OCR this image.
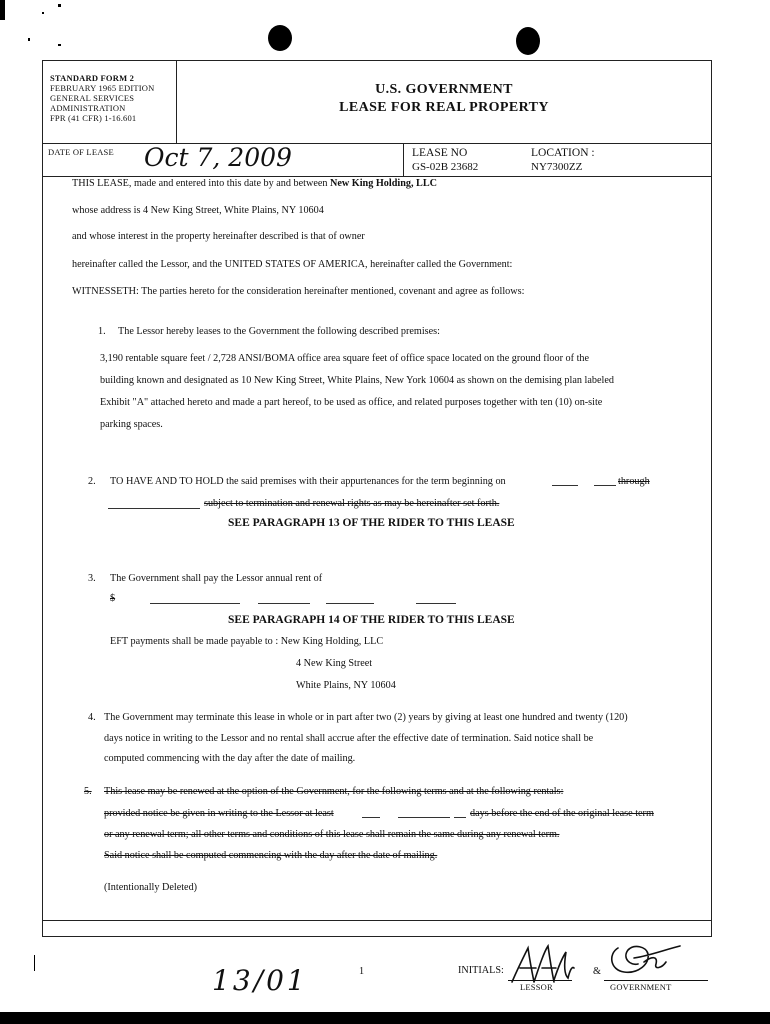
STANDARD FORM 2
FEBRUARY 1965 EDITION
GENERAL SERVICES
ADMINISTRATION
FPR (41 CFR) 1-16.601
U.S. GOVERNMENT
LEASE FOR REAL PROPERTY
DATE OF LEASE Oct 7, 2009	LEASE NO
GS-02B 23682
LOCATION :
NY7300ZZ
THIS LEASE, made and entered into this date by and between New King Holding, LLC
whose address is 4 New King Street, White Plains, NY 10604
and whose interest in the property hereinafter described is that of owner
hereinafter called the Lessor, and the UNITED STATES OF AMERICA, hereinafter called the Government:
WITNESSETH: The parties hereto for the consideration hereinafter mentioned, covenant and agree as follows:
1. The Lessor hereby leases to the Government the following described premises:
3,190 rentable square feet / 2,728 ANSI/BOMA office area square feet of office space located on the ground floor of the
building known and designated as 10 New King Street, White Plains, New York 10604 as shown on the demising plan labeled
Exhibit "A" attached hereto and made a part hereof, to be used as office, and related purposes together with ten (10) on-site
parking spaces.
2. TO HAVE AND TO HOLD the said premises with their appurtenances for the term beginning on	through
subject to termination and renewal rights as may be hereinafter set forth.
SEE PARAGRAPH 13 OF THE RIDER TO THIS LEASE
3. The Government shall pay the Lessor annual rent of
$
SEE PARAGRAPH 14 OF THE RIDER TO THIS LEASE
EFT payments shall be made payable to : New King Holding, LLC
4 New King Street
White Plains, NY 10604
4. The Government may terminate this lease in whole or in part after two (2) years by giving at least one hundred and twenty (120)
days notice in writing to the Lessor and no rental shall accrue after the effective date of termination. Said notice shall be
computed commencing with the day after the date of mailing.
5. This lease may be renewed at the option of the Government, for the following terms and at the following rentals:
provided notice be given in writing to the Lessor at least	days before the end of the original lease term
or any renewal term; all other terms and conditions of this lease shall remain the same during any renewal term.
Said notice shall be computed commencing with the day after the date of mailing.
(Intentionally Deleted)
13/01	1	INITIALS:
LESSOR
&
GOVERNMENT
